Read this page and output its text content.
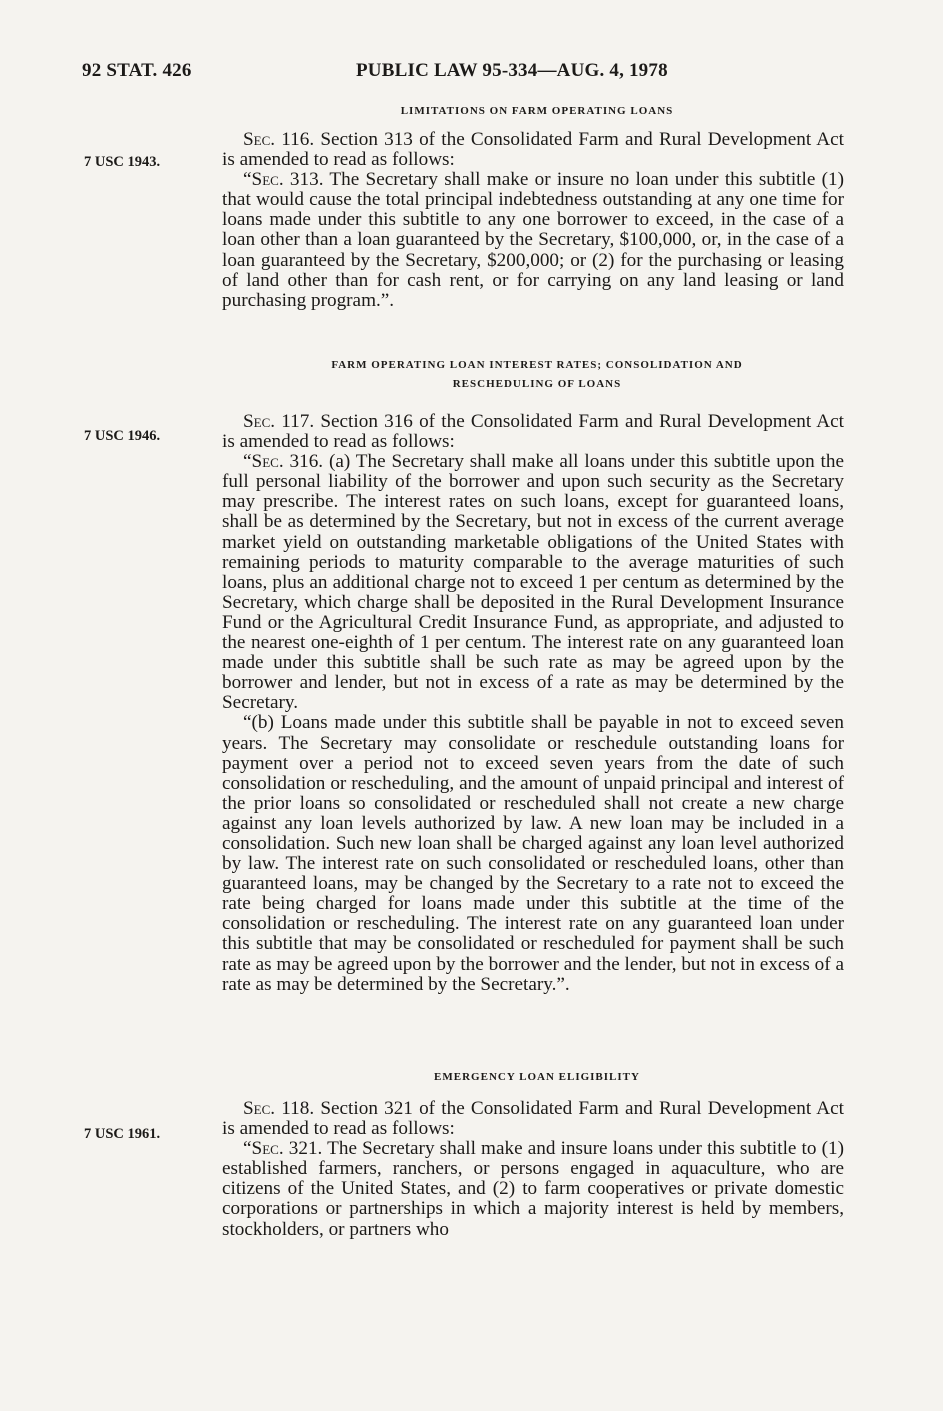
92 STAT. 426	PUBLIC LAW 95-334—AUG. 4, 1978
7 USC 1943.
LIMITATIONS ON FARM OPERATING LOANS

Sec. 116. Section 313 of the Consolidated Farm and Rural Development Act is amended to read as follows:

“Sec. 313. The Secretary shall make or insure no loan under this subtitle (1) that would cause the total principal indebtedness outstanding at any one time for loans made under this subtitle to any one borrower to exceed, in the case of a loan other than a loan guaranteed by the Secretary, $100,000, or, in the case of a loan guaranteed by the Secretary, $200,000; or (2) for the purchasing or leasing of land other than for cash rent, or for carrying on any land leasing or land purchasing program.”.

7 USC 1946.
FARM OPERATING LOAN INTEREST RATES; CONSOLIDATION AND
RESCHEDULING OF LOANS

Sec. 117. Section 316 of the Consolidated Farm and Rural Development Act is amended to read as follows:

“Sec. 316. (a) The Secretary shall make all loans under this subtitle upon the full personal liability of the borrower and upon such security as the Secretary may prescribe. The interest rates on such loans, except for guaranteed loans, shall be as determined by the Secretary, but not in excess of the current average market yield on outstanding marketable obligations of the United States with remaining periods to maturity comparable to the average maturities of such loans, plus an additional charge not to exceed 1 per centum as determined by the Secretary, which charge shall be deposited in the Rural Development Insurance Fund or the Agricultural Credit Insurance Fund, as appropriate, and adjusted to the nearest one-eighth of 1 per centum. The interest rate on any guaranteed loan made under this subtitle shall be such rate as may be agreed upon by the borrower and lender, but not in excess of a rate as may be determined by the Secretary.

“(b) Loans made under this subtitle shall be payable in not to exceed seven years. The Secretary may consolidate or reschedule outstanding loans for payment over a period not to exceed seven years from the date of such consolidation or rescheduling, and the amount of unpaid principal and interest of the prior loans so consolidated or rescheduled shall not create a new charge against any loan levels authorized by law. A new loan may be included in a consolidation. Such new loan shall be charged against any loan level authorized by law. The interest rate on such consolidated or rescheduled loans, other than guaranteed loans, may be changed by the Secretary to a rate not to exceed the rate being charged for loans made under this subtitle at the time of the consolidation or rescheduling. The interest rate on any guaranteed loan under this subtitle that may be consolidated or rescheduled for payment shall be such rate as may be agreed upon by the borrower and the lender, but not in excess of a rate as may be determined by the Secretary.”.

7 USC 1961.
EMERGENCY LOAN ELIGIBILITY

Sec. 118. Section 321 of the Consolidated Farm and Rural Development Act is amended to read as follows:

“Sec. 321. The Secretary shall make and insure loans under this subtitle to (1) established farmers, ranchers, or persons engaged in aquaculture, who are citizens of the United States, and (2) to farm cooperatives or private domestic corporations or partnerships in which a majority interest is held by members, stockholders, or partners who
